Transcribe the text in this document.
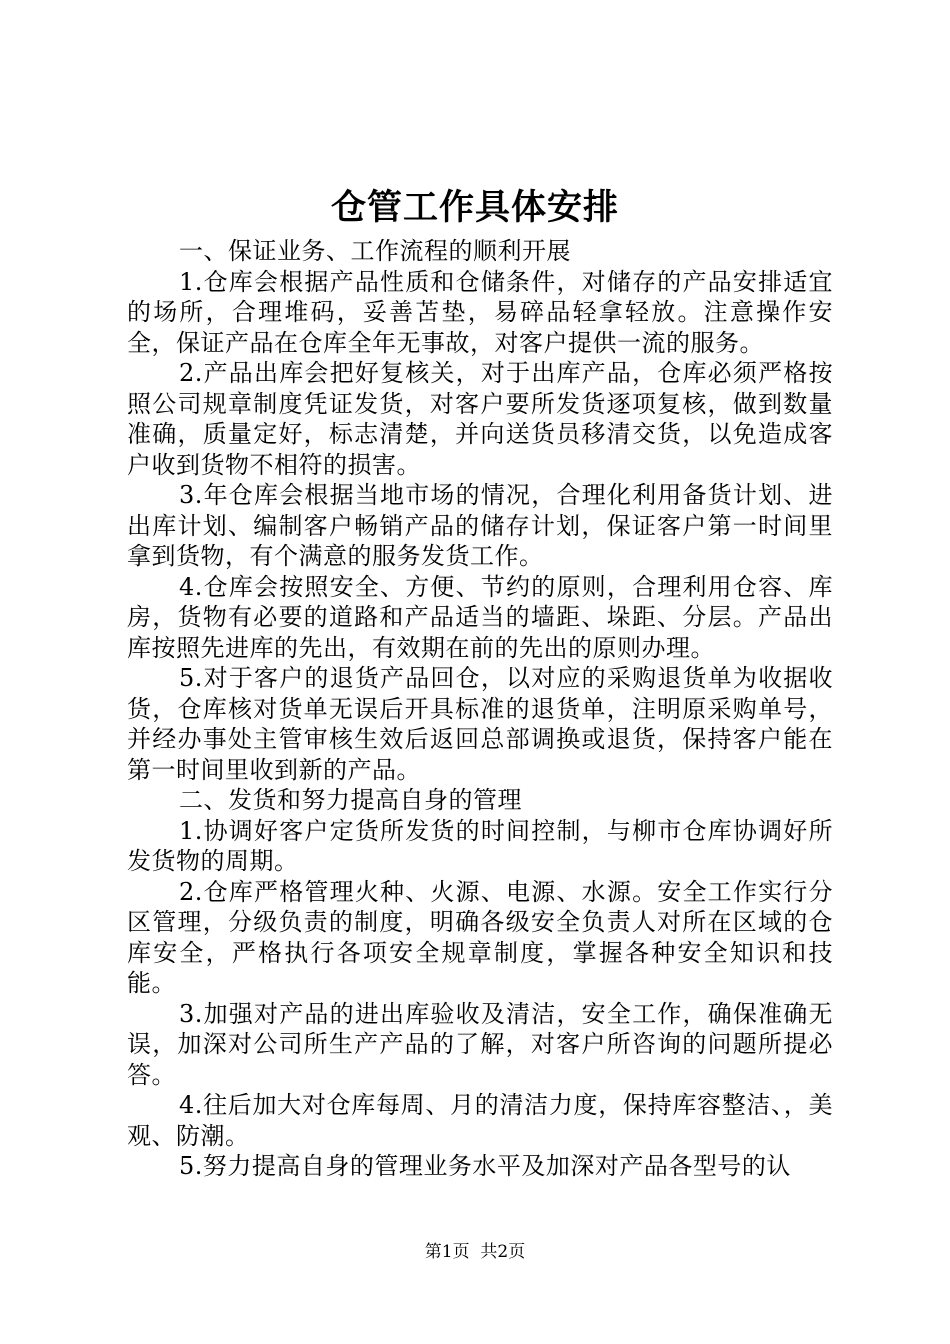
仓管工作具体安排

一、保证业务、工作流程的顺利开展

1.仓库会根据产品性质和仓储条件，对储存的产品安排适宜的场所，合理堆码，妥善苫垫，易碎品轻拿轻放。注意操作安全，保证产品在仓库全年无事故，对客户提供一流的服务。

2.产品出库会把好复核关，对于出库产品，仓库必须严格按照公司规章制度凭证发货，对客户要所发货逐项复核，做到数量准确，质量定好，标志清楚，并向送货员移清交货，以免造成客户收到货物不相符的损害。

3.年仓库会根据当地市场的情况，合理化利用备货计划、进出库计划、编制客户畅销产品的储存计划，保证客户第一时间里拿到货物，有个满意的服务发货工作。

4.仓库会按照安全、方便、节约的原则，合理利用仓容、库房，货物有必要的道路和产品适当的墙距、垛距、分层。产品出库按照先进库的先出，有效期在前的先出的原则办理。

5.对于客户的退货产品回仓，以对应的采购退货单为收据收货，仓库核对货单无误后开具标准的退货单，注明原采购单号，并经办事处主管审核生效后返回总部调换或退货，保持客户能在第一时间里收到新的产品。

二、发货和努力提高自身的管理

1.协调好客户定货所发货的时间控制，与柳市仓库协调好所发货物的周期。

2.仓库严格管理火种、火源、电源、水源。安全工作实行分区管理，分级负责的制度，明确各级安全负责人对所在区域的仓库安全，严格执行各项安全规章制度，掌握各种安全知识和技能。

3.加强对产品的进出库验收及清洁，安全工作，确保准确无误，加深对公司所生产产品的了解，对客户所咨询的问题所提必答。

4.往后加大对仓库每周、月的清洁力度，保持库容整洁、，美观、防潮。

5.努力提高自身的管理业务水平及加深对产品各型号的认

第1页  共2页
